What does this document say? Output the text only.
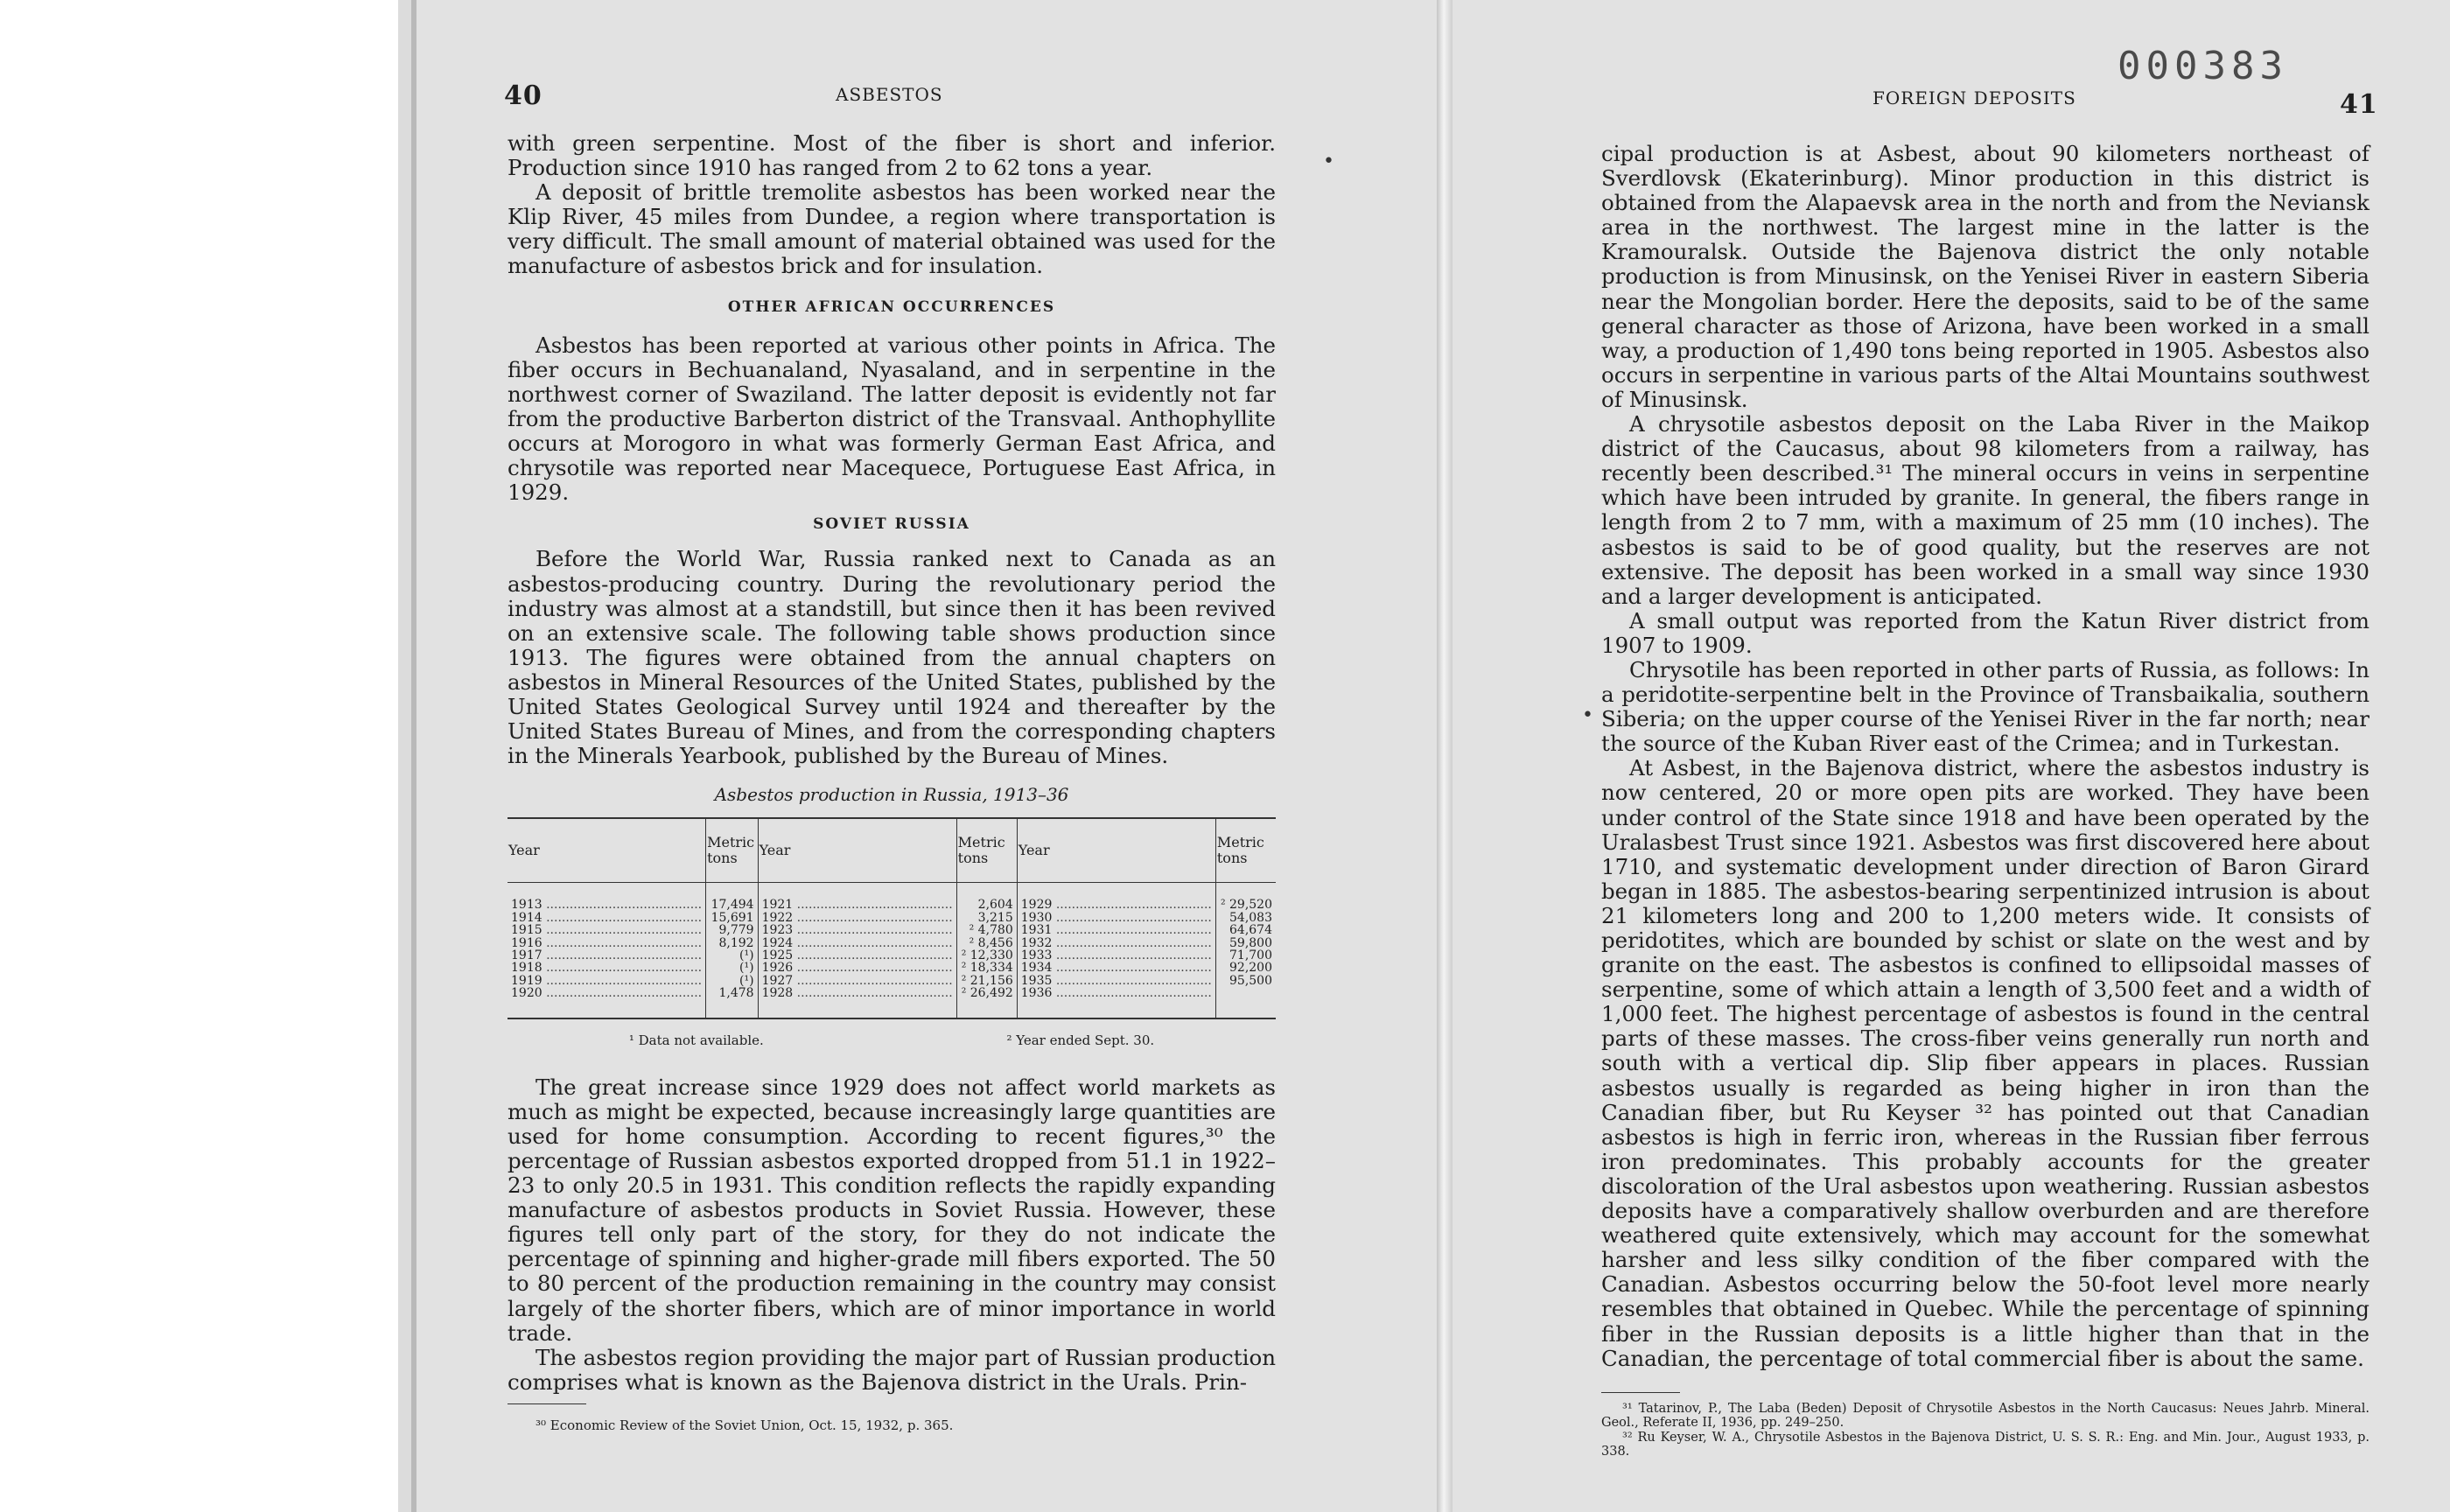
40	ASBESTOS

with green serpentine. Most of the fiber is short and inferior. Production since 1910 has ranged from 2 to 62 tons a year.

A deposit of brittle tremolite asbestos has been worked near the Klip River, 45 miles from Dundee, a region where transportation is very difficult. The small amount of material obtained was used for the manufacture of asbestos brick and for insulation.

OTHER AFRICAN OCCURRENCES

Asbestos has been reported at various other points in Africa. The fiber occurs in Bechuanaland, Nyasaland, and in serpentine in the northwest corner of Swaziland. The latter deposit is evidently not far from the productive Barberton district of the Transvaal. Anthophyllite occurs at Morogoro in what was formerly German East Africa, and chrysotile was reported near Macequece, Portuguese East Africa, in 1929.

SOVIET RUSSIA

Before the World War, Russia ranked next to Canada as an asbestos-producing country. During the revolutionary period the industry was almost at a standstill, but since then it has been revived on an extensive scale. The following table shows production since 1913. The figures were obtained from the annual chapters on asbestos in Mineral Resources of the United States, published by the United States Geological Survey until 1924 and thereafter by the United States Bureau of Mines, and from the corresponding chapters in the Minerals Yearbook, published by the Bureau of Mines.

Asbestos production in Russia, 1913–36
Year	Metric tons	Year	Metric tons	Year	Metric tons
1913 .....	17,494	1921 .....	2,604	1929 .....	² 29,520
1914 .....	15,691	1922 .....	3,215	1930 .....	54,083
1915 .....	9,779	1923 .....	² 4,780	1931 .....	64,674
1916 .....	8,192	1924 .....	² 8,456	1932 .....	59,800
1917 .....	(¹)	1925 .....	² 12,330	1933 .....	71,700
1918 .....	(¹)	1926 .....	² 18,334	1934 .....	92,200
1919 .....	(¹)	1927 .....	² 21,156	1935 .....	95,500
1920 .....	1,478	1928 .....	² 26,492	1936 .....	
¹ Data not available.	² Year ended Sept. 30.

The great increase since 1929 does not affect world markets as much as might be expected, because increasingly large quantities are used for home consumption. According to recent figures,³⁰ the percentage of Russian asbestos exported dropped from 51.1 in 1922–23 to only 20.5 in 1931. This condition reflects the rapidly expanding manufacture of asbestos products in Soviet Russia. However, these figures tell only part of the story, for they do not indicate the percentage of spinning and higher-grade mill fibers exported. The 50 to 80 percent of the production remaining in the country may consist largely of the shorter fibers, which are of minor importance in world trade.

The asbestos region providing the major part of Russian production comprises what is known as the Bajenova district in the Urals. Prin-

³⁰ Economic Review of the Soviet Union, Oct. 15, 1932, p. 365.
000383
FOREIGN DEPOSITS	41

cipal production is at Asbest, about 90 kilometers northeast of Sverdlovsk (Ekaterinburg). Minor production in this district is obtained from the Alapaevsk area in the north and from the Neviansk area in the northwest. The largest mine in the latter is the Kramouralsk. Outside the Bajenova district the only notable production is from Minusinsk, on the Yenisei River in eastern Siberia near the Mongolian border. Here the deposits, said to be of the same general character as those of Arizona, have been worked in a small way, a production of 1,490 tons being reported in 1905. Asbestos also occurs in serpentine in various parts of the Altai Mountains southwest of Minusinsk.

A chrysotile asbestos deposit on the Laba River in the Maikop district of the Caucasus, about 98 kilometers from a railway, has recently been described.³¹ The mineral occurs in veins in serpentine which have been intruded by granite. In general, the fibers range in length from 2 to 7 mm, with a maximum of 25 mm (10 inches). The asbestos is said to be of good quality, but the reserves are not extensive. The deposit has been worked in a small way since 1930 and a larger development is anticipated.

A small output was reported from the Katun River district from 1907 to 1909.

Chrysotile has been reported in other parts of Russia, as follows: In a peridotite-serpentine belt in the Province of Transbaikalia, southern Siberia; on the upper course of the Yenisei River in the far north; near the source of the Kuban River east of the Crimea; and in Turkestan.

At Asbest, in the Bajenova district, where the asbestos industry is now centered, 20 or more open pits are worked. They have been under control of the State since 1918 and have been operated by the Uralasbest Trust since 1921. Asbestos was first discovered here about 1710, and systematic development under direction of Baron Girard began in 1885. The asbestos-bearing serpentinized intrusion is about 21 kilometers long and 200 to 1,200 meters wide. It consists of peridotites, which are bounded by schist or slate on the west and by granite on the east. The asbestos is confined to ellipsoidal masses of serpentine, some of which attain a length of 3,500 feet and a width of 1,000 feet. The highest percentage of asbestos is found in the central parts of these masses. The cross-fiber veins generally run north and south with a vertical dip. Slip fiber appears in places. Russian asbestos usually is regarded as being higher in iron than the Canadian fiber, but Ru Keyser ³² has pointed out that Canadian asbestos is high in ferric iron, whereas in the Russian fiber ferrous iron predominates. This probably accounts for the greater discoloration of the Ural asbestos upon weathering. Russian asbestos deposits have a comparatively shallow overburden and are therefore weathered quite extensively, which may account for the somewhat harsher and less silky condition of the fiber compared with the Canadian. Asbestos occurring below the 50-foot level more nearly resembles that obtained in Quebec. While the percentage of spinning fiber in the Russian deposits is a little higher than that in the Canadian, the percentage of total commercial fiber is about the same.

³¹ Tatarinov, P., The Laba (Beden) Deposit of Chrysotile Asbestos in the North Caucasus: Neues Jahrb. Mineral. Geol., Referate II, 1936, pp. 249–250.

³² Ru Keyser, W. A., Chrysotile Asbestos in the Bajenova District, U. S. S. R.: Eng. and Min. Jour., August 1933, p. 338.

•
•
